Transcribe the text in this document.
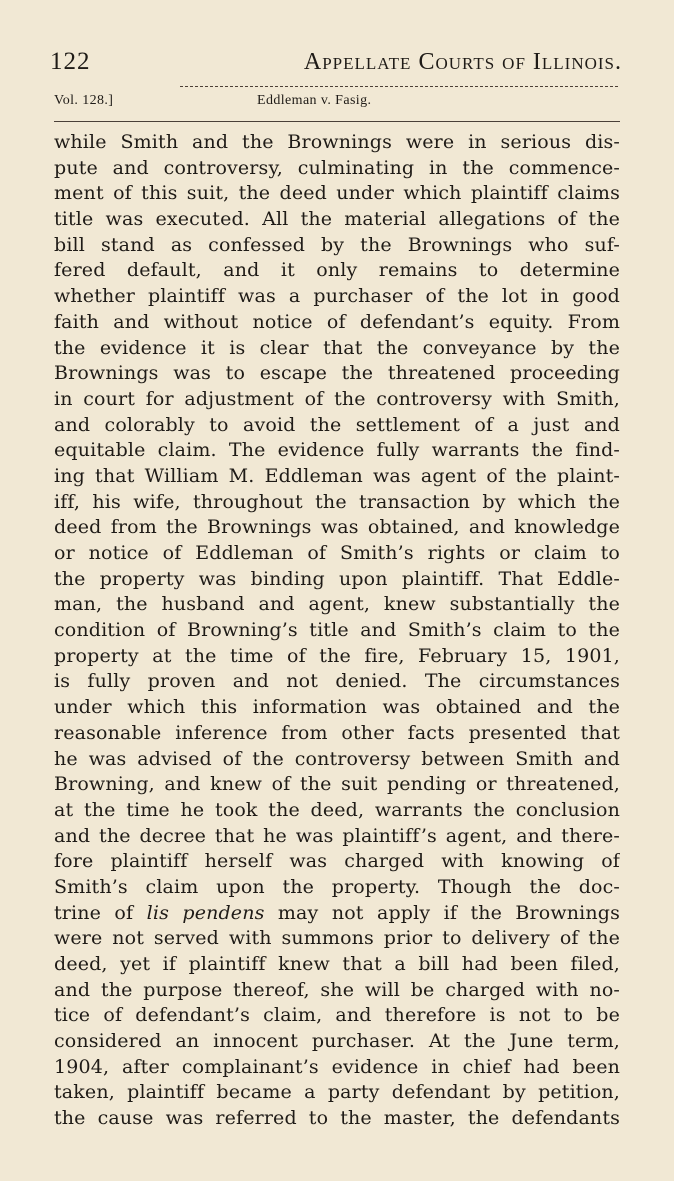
122	Appellate Courts of Illinois.
Vol. 128.]	Eddleman v. Fasig.
while Smith and the Brownings were in serious dis-
pute and controversy, culminating in the commence-
ment of this suit, the deed under which plaintiff claims
title was executed. All the material allegations of the
bill stand as confessed by the Brownings who suf-
fered default, and it only remains to determine
whether plaintiff was a purchaser of the lot in good
faith and without notice of defendant’s equity. From
the evidence it is clear that the conveyance by the
Brownings was to escape the threatened proceeding
in court for adjustment of the controversy with Smith,
and colorably to avoid the settlement of a just and
equitable claim. The evidence fully warrants the find-
ing that William M. Eddleman was agent of the plaint-
iff, his wife, throughout the transaction by which the
deed from the Brownings was obtained, and knowledge
or notice of Eddleman of Smith’s rights or claim to
the property was binding upon plaintiff. That Eddle-
man, the husband and agent, knew substantially the
condition of Browning’s title and Smith’s claim to the
property at the time of the fire, February 15, 1901,
is fully proven and not denied. The circumstances
under which this information was obtained and the
reasonable inference from other facts presented that
he was advised of the controversy between Smith and
Browning, and knew of the suit pending or threatened,
at the time he took the deed, warrants the conclusion
and the decree that he was plaintiff’s agent, and there-
fore plaintiff herself was charged with knowing of
Smith’s claim upon the property. Though the doc-
trine of lis pendens may not apply if the Brownings
were not served with summons prior to delivery of the
deed, yet if plaintiff knew that a bill had been filed,
and the purpose thereof, she will be charged with no-
tice of defendant’s claim, and therefore is not to be
considered an innocent purchaser. At the June term,
1904, after complainant’s evidence in chief had been
taken, plaintiff became a party defendant by petition,
the cause was referred to the master, the defendants
